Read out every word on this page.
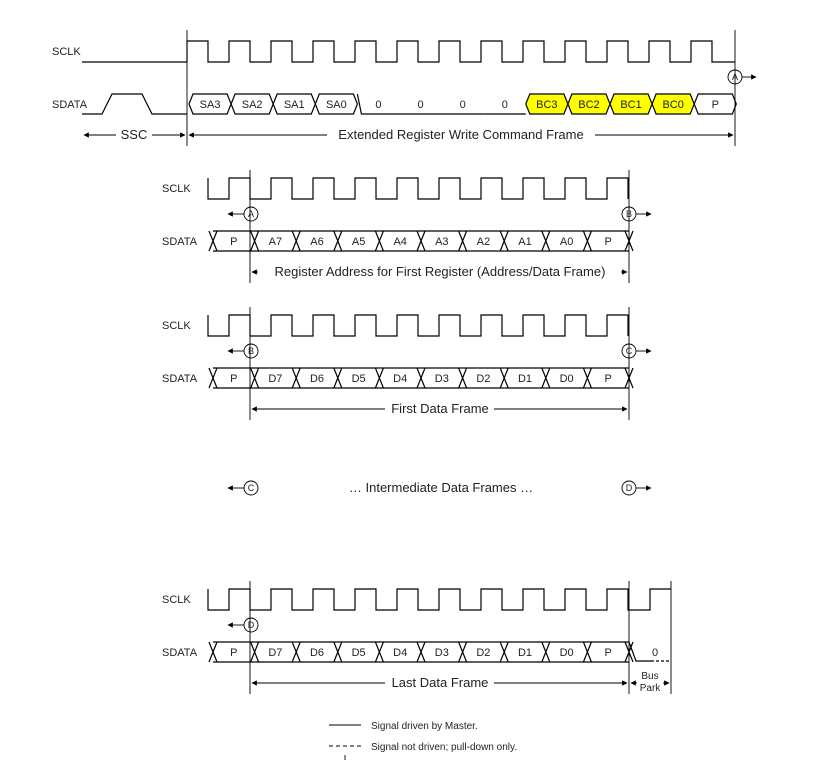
SCLK
SDATA	SA3 SA2 SA1 SA0	0	0	0	0	BC3 BC2 BC1 BC0	P
SSC	Extended Register Write Command Frame
A
SCLK
SDATA	P	A7	A6	A5	A4	A3	A2	A1	A0	P
A	B
Register Address for First Register (Address/Data Frame)
SCLK
SDATA	P	D7	D6	D5	D4	D3	D2	D1	D0	P
B	C
First Data Frame
C	… Intermediate Data Frames …	D
SCLK
SDATA	P	D7	D6	D5	D4	D3	D2	D1	D0	P	0
D
Last Data Frame	Bus
Park
Signal driven by Master.
Signal not driven; pull-down only.
